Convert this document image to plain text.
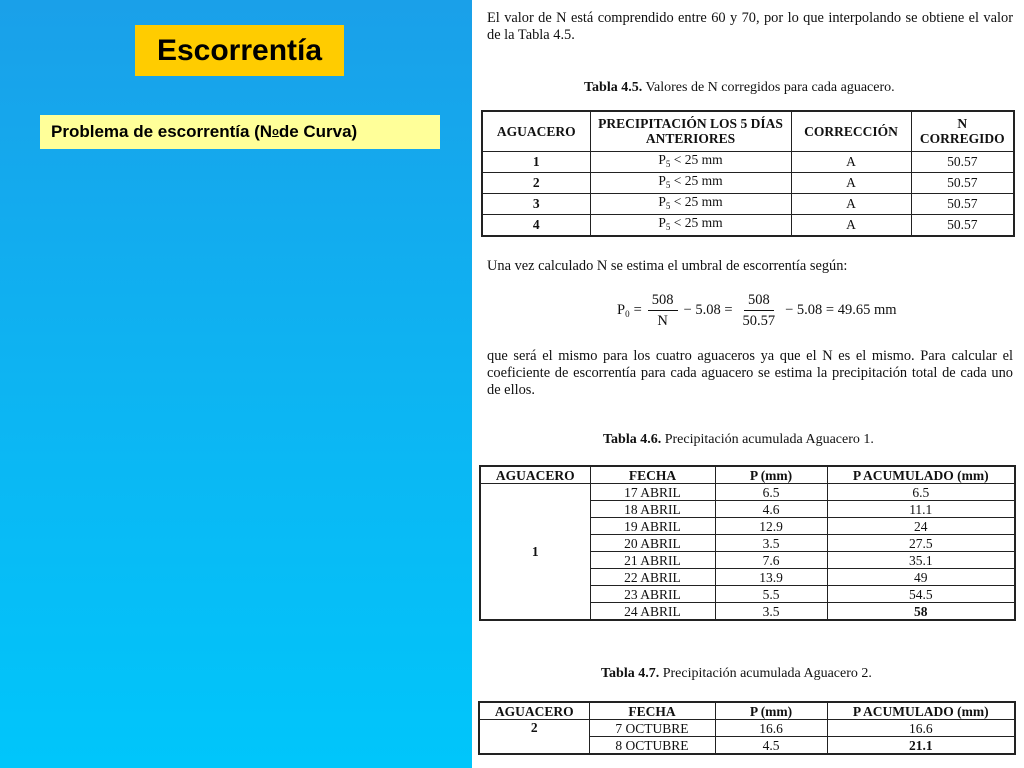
Escorrentía
Problema de escorrentía (N o de Curva)

El valor de N está comprendido entre 60 y 70, por lo que interpolando se obtiene el valor de la Tabla 4.5.

Tabla 4.5. Valores de N corregidos para cada aguacero.
AGUACERO	PRECIPITACIÓN LOS 5 DÍAS ANTERIORES	CORRECCIÓN	N CORREGIDO
1	$P_5 < 25$ mm	A	50.57
2	$P_5 < 25$ mm	A	50.57
3	$P_5 < 25$ mm	A	50.57
4	$P_5 < 25$ mm	A	50.57

Una vez calculado N se estima el umbral de escorrentía según:

$P_0 = \frac{508}{N} - 5.08 = \frac{508}{50.57} - 5.08 = 49.65$ mm

que será el mismo para los cuatro aguaceros ya que el N es el mismo. Para calcular el coeficiente de escorrentía para cada aguacero se estima la precipitación total de cada uno de ellos.

Tabla 4.6. Precipitación acumulada Aguacero 1.
AGUACERO	FECHA	P (mm)	P ACUMULADO (mm)
1	17 ABRIL	6.5	6.5
	18 ABRIL	4.6	11.1
	19 ABRIL	12.9	24
	20 ABRIL	3.5	27.5
	21 ABRIL	7.6	35.1
	22 ABRIL	13.9	49
	23 ABRIL	5.5	54.5
	24 ABRIL	3.5	58
Tabla 4.7. Precipitación acumulada Aguacero 2.
AGUACERO	FECHA	P (mm)	P ACUMULADO (mm)
2	7 OCTUBRE	16.6	16.6
	8 OCTUBRE	4.5	21.1
